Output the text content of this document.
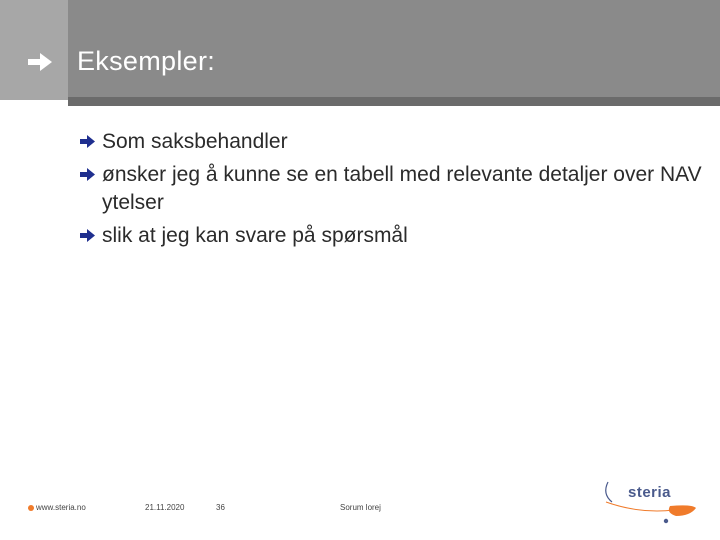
Eksempler:
Som saksbehandler
ønsker jeg å kunne se en tabell med relevante detaljer over NAV ytelser
slik at jeg kan svare på spørsmål
www.steria.no	21.11.2020	36	Sorum lorej
steria
